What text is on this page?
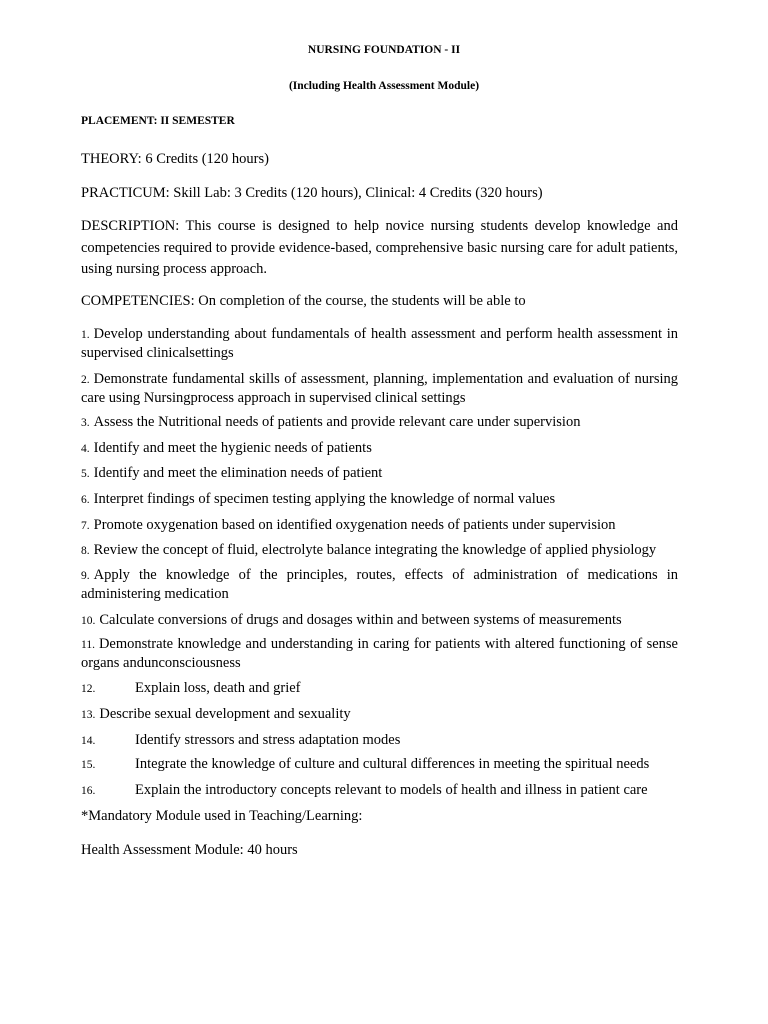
NURSING FOUNDATION - II
(Including Health Assessment Module)
PLACEMENT: II SEMESTER
THEORY: 6 Credits (120 hours)
PRACTICUM: Skill Lab: 3 Credits (120 hours), Clinical: 4 Credits (320 hours)
DESCRIPTION: This course is designed to help novice nursing students develop knowledge and competencies required to provide evidence-based, comprehensive basic nursing care for adult patients, using nursing process approach.
COMPETENCIES: On completion of the course, the students will be able to
1. Develop understanding about fundamentals of health assessment and perform health assessment in supervised clinicalsettings
2. Demonstrate fundamental skills of assessment, planning, implementation and evaluation of nursing care using Nursingprocess approach in supervised clinical settings
3. Assess the Nutritional needs of patients and provide relevant care under supervision
4. Identify and meet the hygienic needs of patients
5. Identify and meet the elimination needs of patient
6. Interpret findings of specimen testing applying the knowledge of normal values
7. Promote oxygenation based on identified oxygenation needs of patients under supervision
8. Review the concept of fluid, electrolyte balance integrating the knowledge of applied physiology
9. Apply the knowledge of the principles, routes, effects of administration of medications in administering medication
10. Calculate conversions of drugs and dosages within and between systems of measurements
11. Demonstrate knowledge and understanding in caring for patients with altered functioning of sense organs andunconsciousness
12.	Explain loss, death and grief
13. Describe sexual development and sexuality
14.	Identify stressors and stress adaptation modes
15.	Integrate the knowledge of culture and cultural differences in meeting the spiritual needs
16.	Explain the introductory concepts relevant to models of health and illness in patient care
*Mandatory Module used in Teaching/Learning:
Health Assessment Module: 40 hours
